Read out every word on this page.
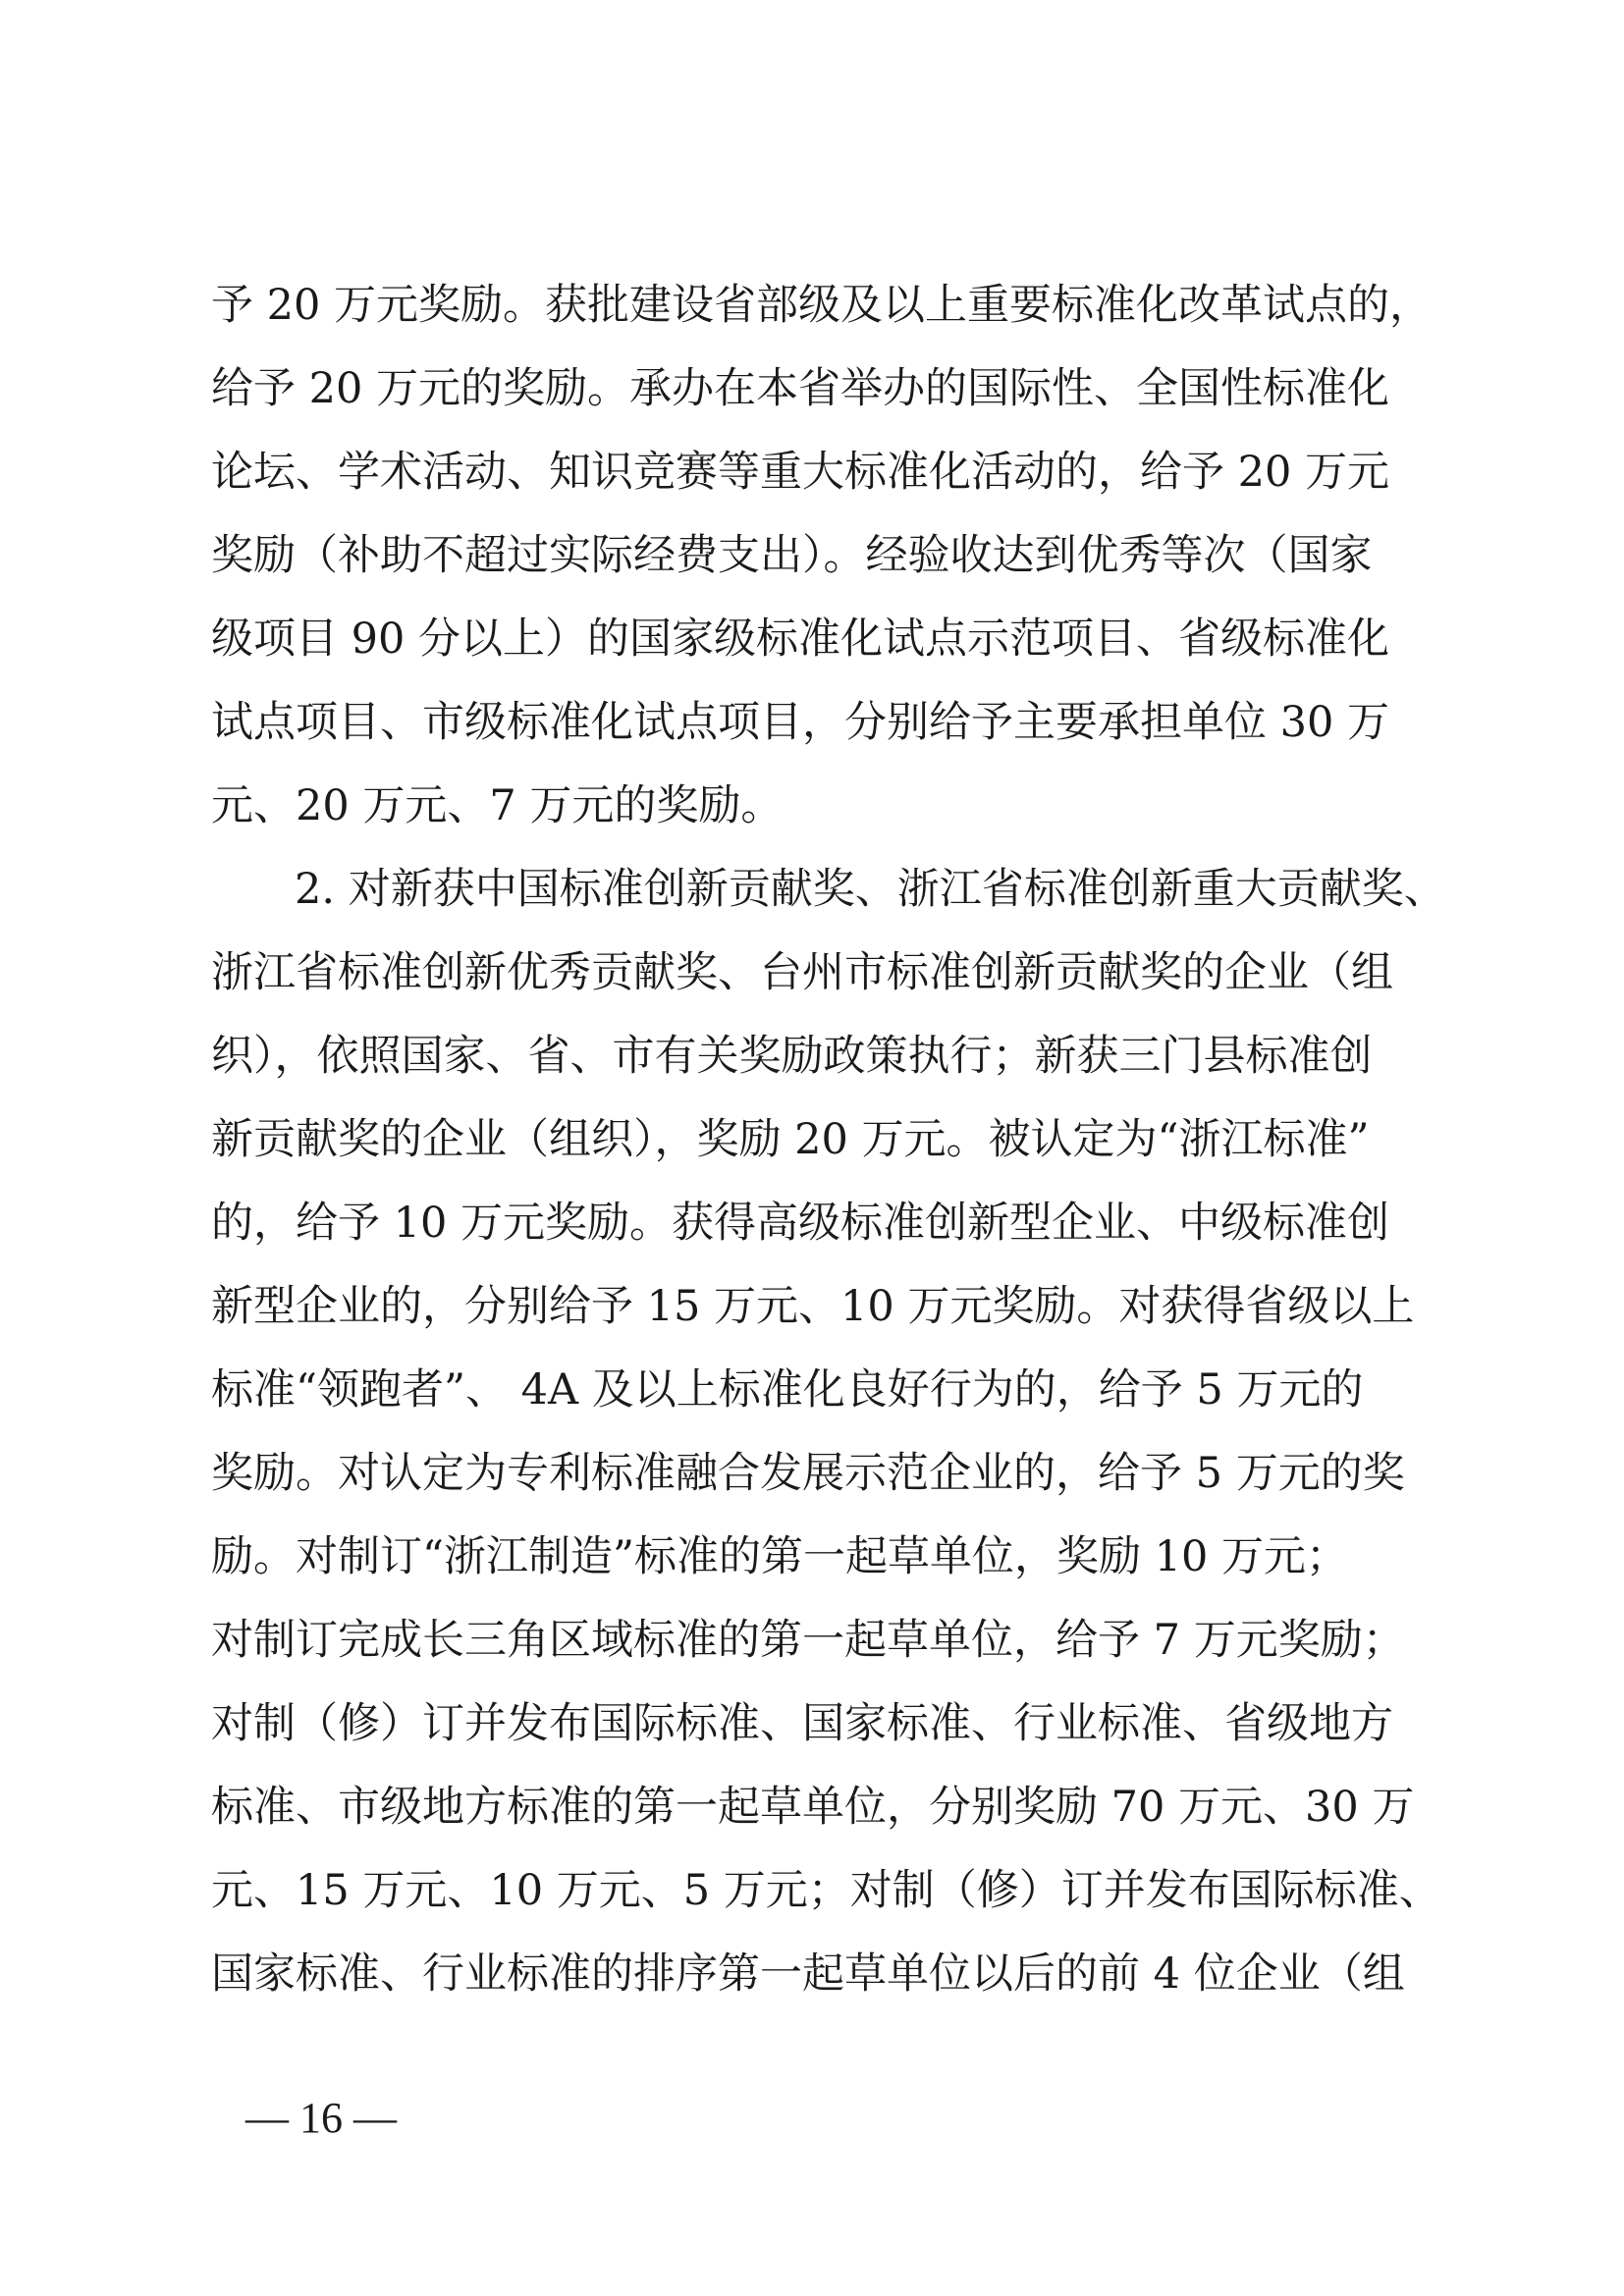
予 20 万元奖励。获批建设省部级及以上重要标准化改革试点的，
给予 20 万元的奖励。承办在本省举办的国际性、全国性标准化
论坛、学术活动、知识竞赛等重大标准化活动的，给予 20 万元
奖励（补助不超过实际经费支出）。经验收达到优秀等次（国家
级项目 90 分以上）的国家级标准化试点示范项目、省级标准化
试点项目、市级标准化试点项目，分别给予主要承担单位 30 万
元、20 万元、7 万元的奖励。
2. 对新获中国标准创新贡献奖、浙江省标准创新重大贡献奖、
浙江省标准创新优秀贡献奖、台州市标准创新贡献奖的企业（组
织），依照国家、省、市有关奖励政策执行；新获三门县标准创
新贡献奖的企业（组织），奖励 20 万元。被认定为“浙江标准”
的，给予 10 万元奖励。获得高级标准创新型企业、中级标准创
新型企业的，分别给予 15 万元、10 万元奖励。对获得省级以上
标准“领跑者”、 4A 及以上标准化良好行为的，给予 5 万元的
奖励。对认定为专利标准融合发展示范企业的，给予 5 万元的奖
励。对制订“浙江制造”标准的第一起草单位，奖励 10 万元；
对制订完成长三角区域标准的第一起草单位，给予 7 万元奖励；
对制（修）订并发布国际标准、国家标准、行业标准、省级地方
标准、市级地方标准的第一起草单位，分别奖励 70 万元、30 万
元、15 万元、10 万元、5 万元；对制（修）订并发布国际标准、
国家标准、行业标准的排序第一起草单位以后的前 4 位企业（组
— 16 —
